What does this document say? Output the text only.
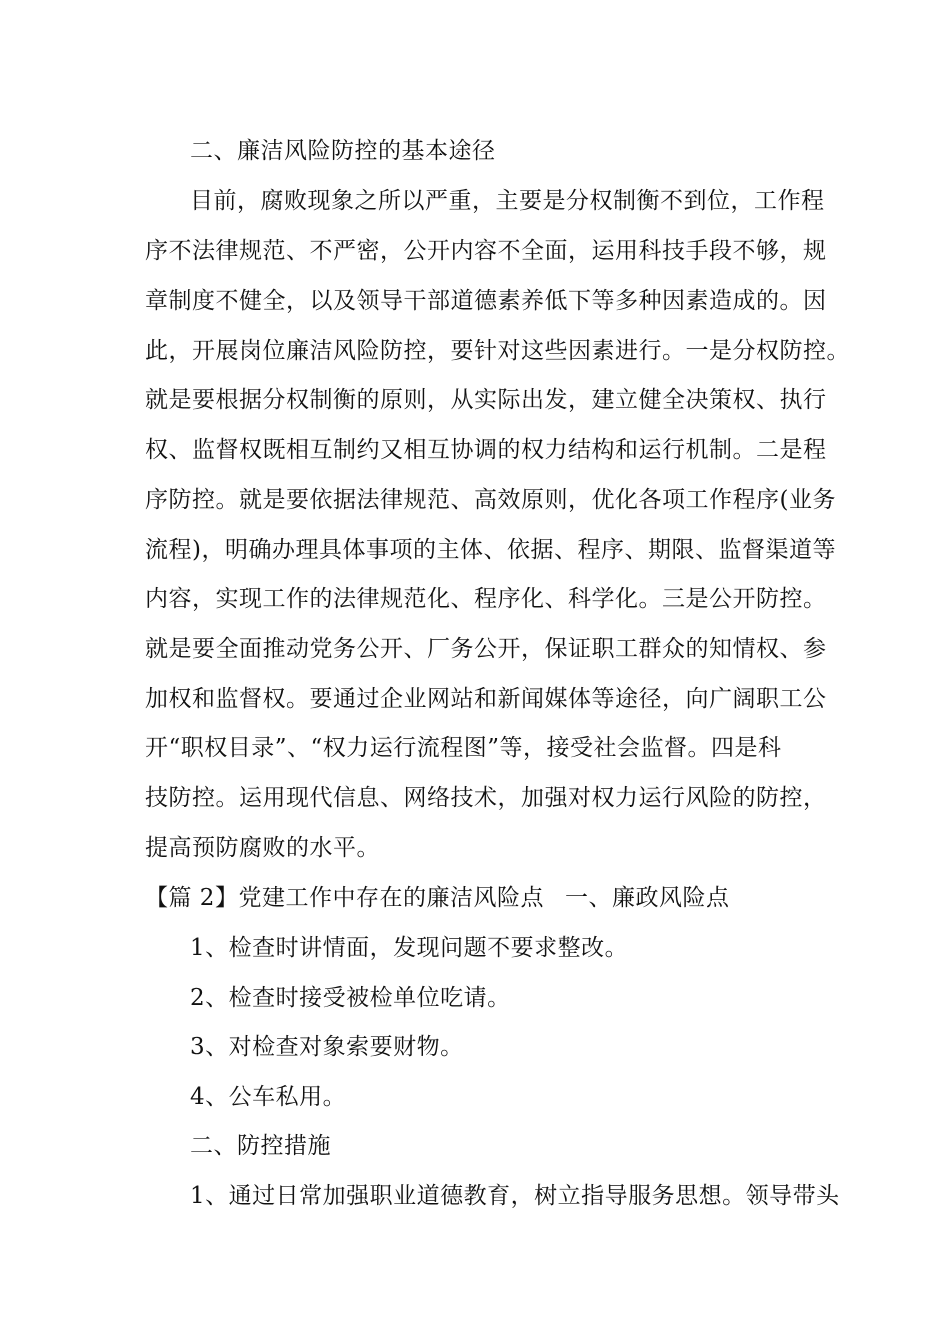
二、廉洁风险防控的基本途径
目前，腐败现象之所以严重，主要是分权制衡不到位，工作程
序不法律规范、不严密，公开内容不全面，运用科技手段不够，规
章制度不健全，以及领导干部道德素养低下等多种因素造成的。因
此，开展岗位廉洁风险防控，要针对这些因素进行。一是分权防控。
就是要根据分权制衡的原则，从实际出发，建立健全决策权、执行
权、监督权既相互制约又相互协调的权力结构和运行机制。二是程
序防控。就是要依据法律规范、高效原则，优化各项工作程序(业务
流程)，明确办理具体事项的主体、依据、程序、期限、监督渠道等
内容，实现工作的法律规范化、程序化、科学化。三是公开防控。
就是要全面推动党务公开、厂务公开，保证职工群众的知情权、参
加权和监督权。要通过企业网站和新闻媒体等途径，向广阔职工公
开“职权目录”、“权力运行流程图”等，接受社会监督。四是科
技防控。运用现代信息、网络技术，加强对权力运行风险的防控，
提高预防腐败的水平。
【篇 2】党建工作中存在的廉洁风险点 一、廉政风险点
1、检查时讲情面，发现问题不要求整改。
2、检查时接受被检单位吃请。
3、对检查对象索要财物。
4、公车私用。
二、防控措施
1、通过日常加强职业道德教育，树立指导服务思想。领导带头
